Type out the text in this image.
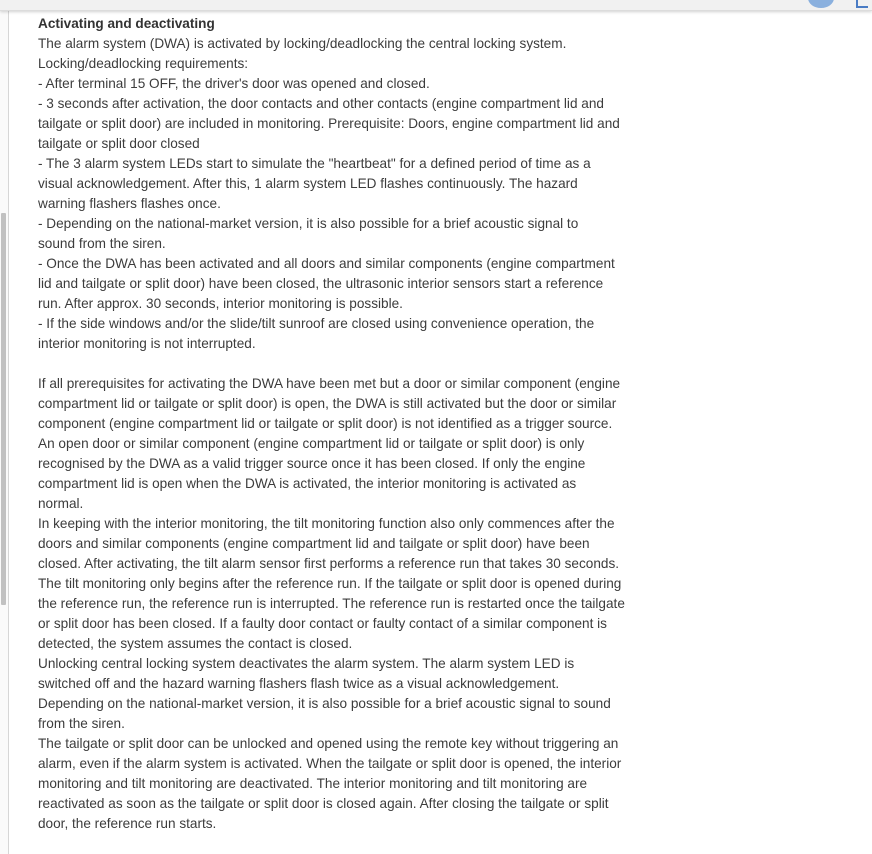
Activating and deactivating
The alarm system (DWA) is activated by locking/deadlocking the central locking system.
Locking/deadlocking requirements:
- After terminal 15 OFF, the driver's door was opened and closed.
- 3 seconds after activation, the door contacts and other contacts (engine compartment lid and
tailgate or split door) are included in monitoring. Prerequisite: Doors, engine compartment lid and
tailgate or split door closed
- The 3 alarm system LEDs start to simulate the "heartbeat" for a defined period of time as a
visual acknowledgement. After this, 1 alarm system LED flashes continuously. The hazard
warning flashers flashes once.
- Depending on the national-market version, it is also possible for a brief acoustic signal to
sound from the siren.
- Once the DWA has been activated and all doors and similar components (engine compartment
lid and tailgate or split door) have been closed, the ultrasonic interior sensors start a reference
run. After approx. 30 seconds, interior monitoring is possible.
- If the side windows and/or the slide/tilt sunroof are closed using convenience operation, the
interior monitoring is not interrupted.
If all prerequisites for activating the DWA have been met but a door or similar component (engine
compartment lid or tailgate or split door) is open, the DWA is still activated but the door or similar
component (engine compartment lid or tailgate or split door) is not identified as a trigger source.
An open door or similar component (engine compartment lid or tailgate or split door) is only
recognised by the DWA as a valid trigger source once it has been closed. If only the engine
compartment lid is open when the DWA is activated, the interior monitoring is activated as
normal.
In keeping with the interior monitoring, the tilt monitoring function also only commences after the
doors and similar components (engine compartment lid and tailgate or split door) have been
closed. After activating, the tilt alarm sensor first performs a reference run that takes 30 seconds.
The tilt monitoring only begins after the reference run. If the tailgate or split door is opened during
the reference run, the reference run is interrupted. The reference run is restarted once the tailgate
or split door has been closed. If a faulty door contact or faulty contact of a similar component is
detected, the system assumes the contact is closed.
Unlocking central locking system deactivates the alarm system. The alarm system LED is
switched off and the hazard warning flashers flash twice as a visual acknowledgement.
Depending on the national-market version, it is also possible for a brief acoustic signal to sound
from the siren.
The tailgate or split door can be unlocked and opened using the remote key without triggering an
alarm, even if the alarm system is activated. When the tailgate or split door is opened, the interior
monitoring and tilt monitoring are deactivated. The interior monitoring and tilt monitoring are
reactivated as soon as the tailgate or split door is closed again. After closing the tailgate or split
door, the reference run starts.
